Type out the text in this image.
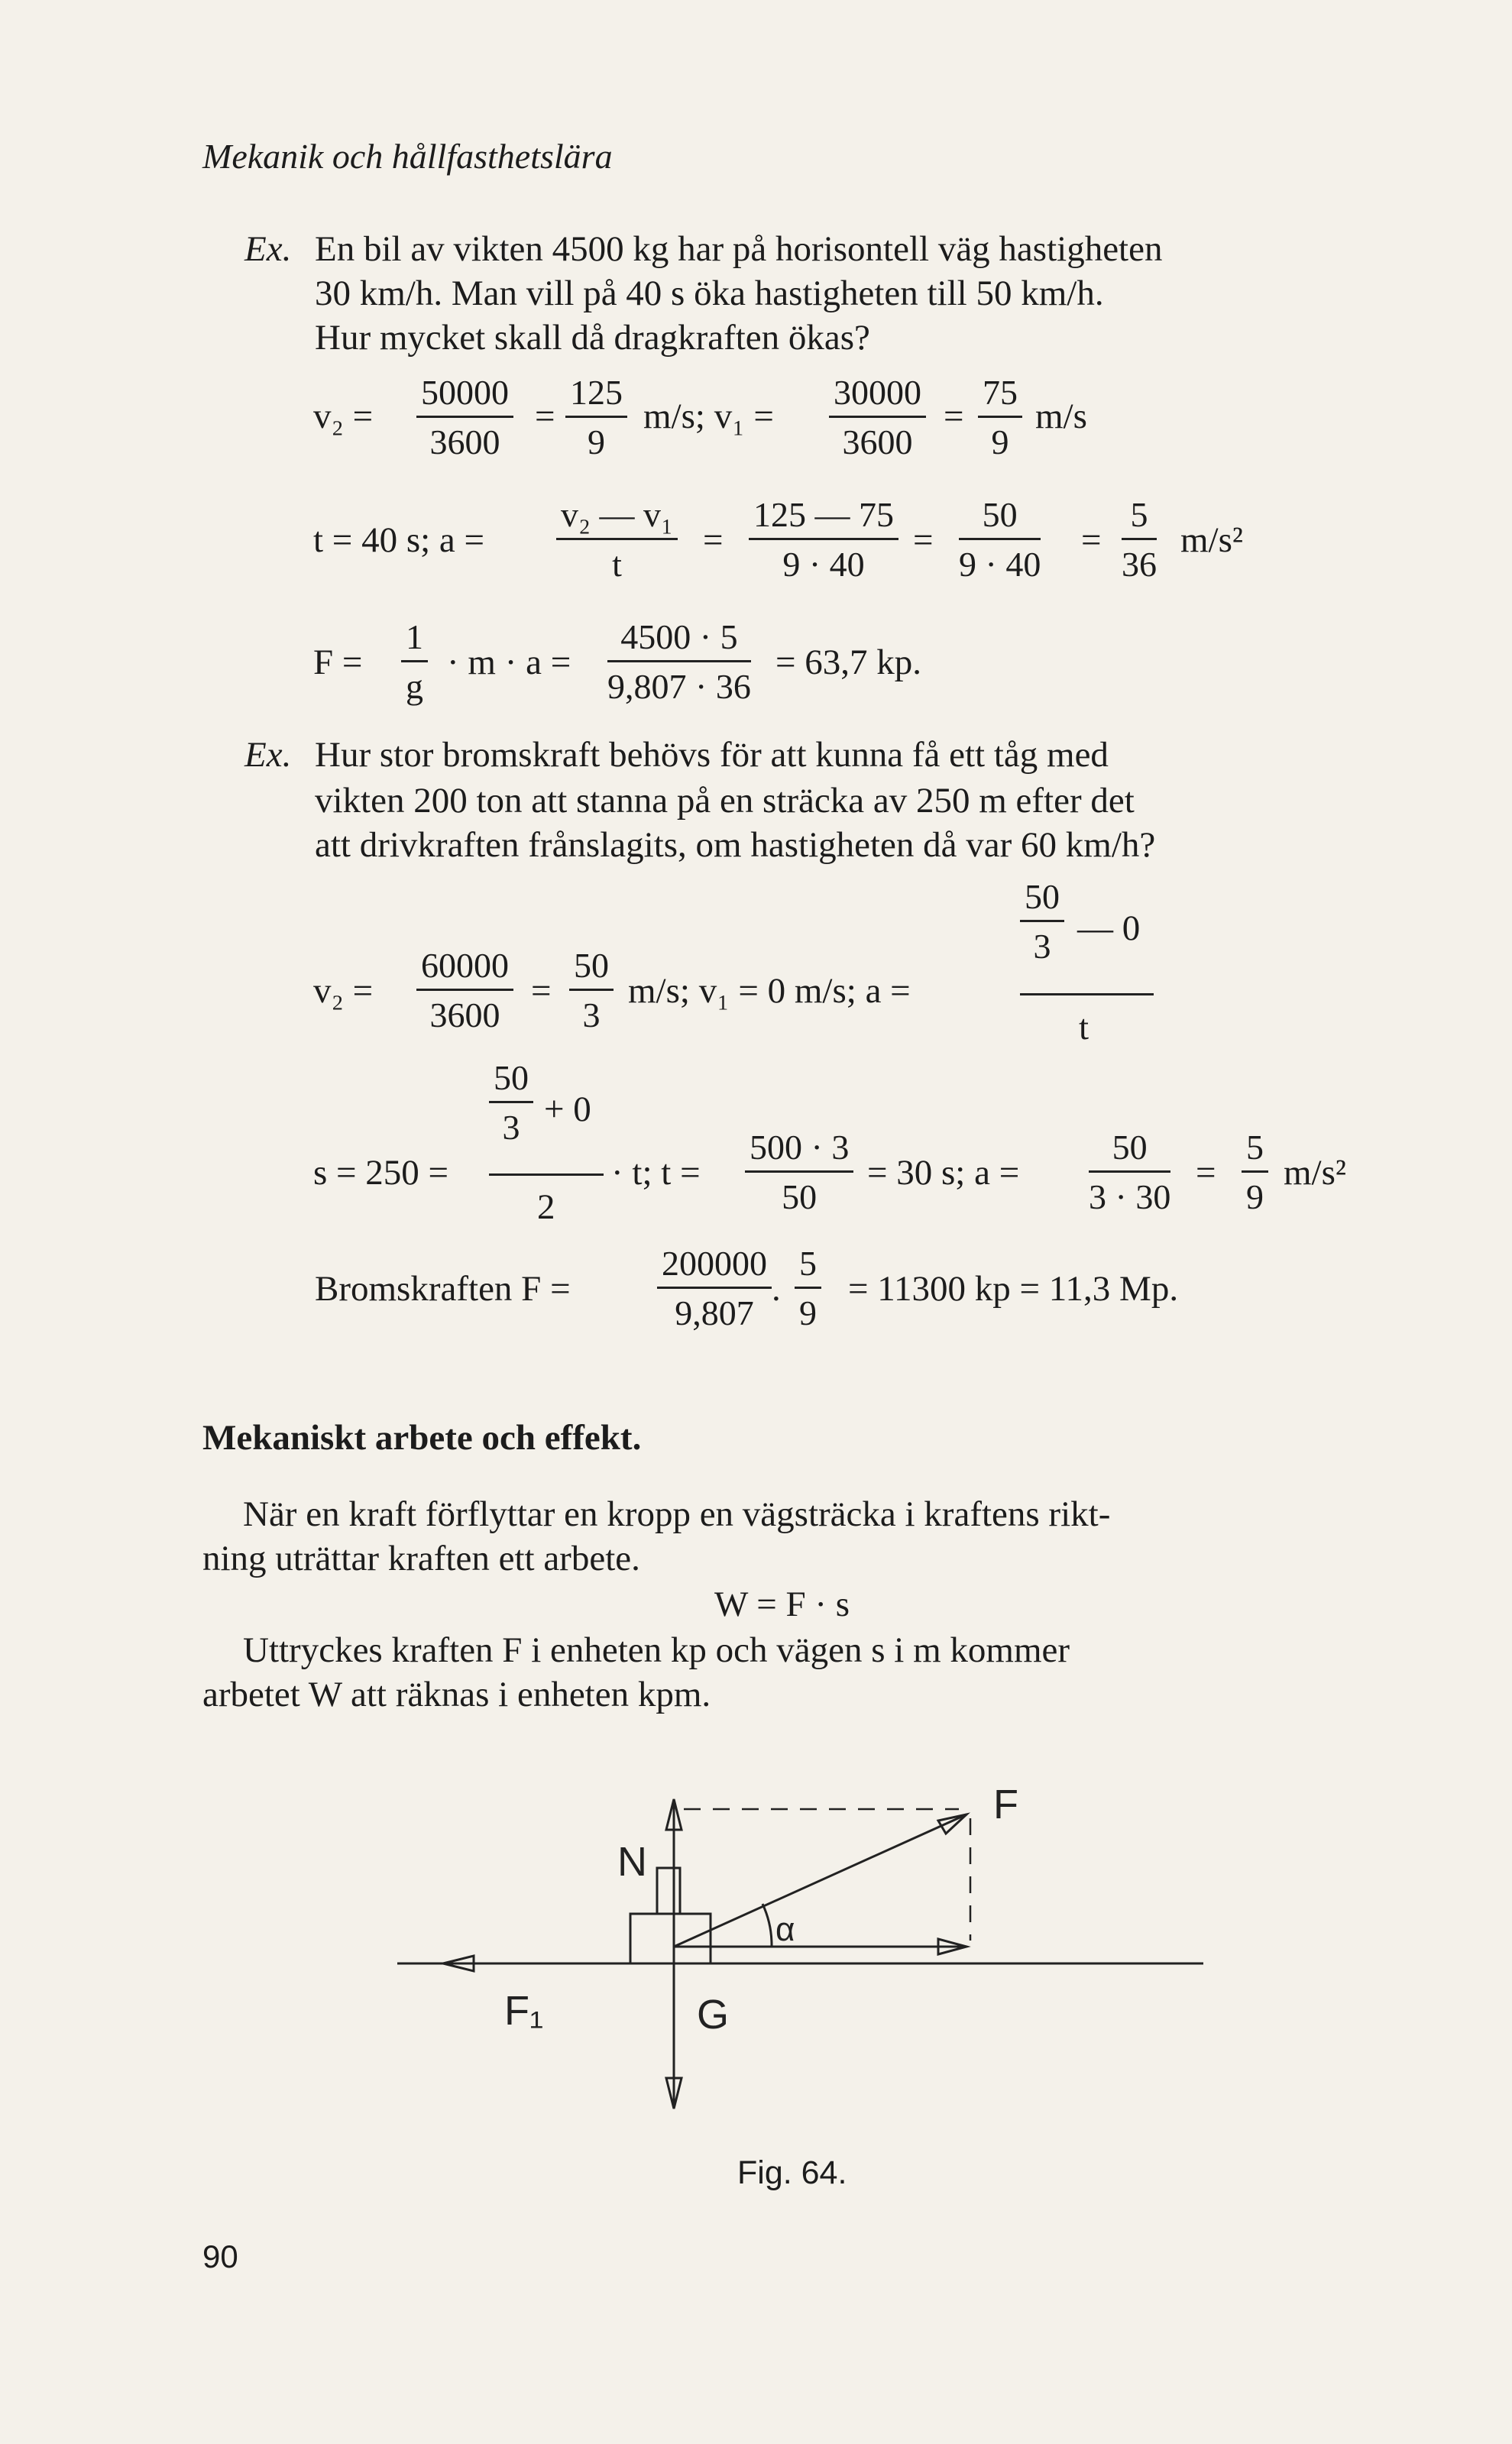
Mekanik och hållfasthetslära
Ex. En bil av vikten 4500 kg har på horisontell väg hastigheten
30 km/h. Man vill på 40 s öka hastigheten till 50 km/h.
Hur mycket skall då dragkraften ökas?
$v_2 = \frac{50000}{3600} = \frac{125}{9} m/s$; $v_1 = \frac{30000}{3600} = \frac{75}{9} m/s$
t = 40 s; $a = \frac{\text{v₂ — v₁}}{t} = \frac{125 — 75}{9 \cdot 40} = \frac{50}{9 \cdot 40} = \frac{5}{36} m/s^2$
$F = \frac{1}{g} \cdot m \cdot a = \frac{4500 \cdot 5}{9,807 \cdot 36} = 63,7$ kp.
Ex. Hur stor bromskraft behövs för att kunna få ett tåg med
vikten 200 ton att stanna på en sträcka av 250 m efter det
att drivkraften frånslagits, om hastigheten då var 60 km/h?
$v_2 = \frac{60000}{3600} = \frac{50}{3} m/s$; v₁ = 0 m/s; a =
$\frac{50}{3}$ — 0
t
s = 250 =
$\frac{50}{3} + 0$
2
· t; $t = \frac{500 \cdot 3}{50} = 30$ s; $a = \frac{50}{3 \cdot 30} = \frac{5}{9} m/s^2$
Bromskraften $F = \frac{200000}{9,807}$ . $\frac{5}{9} = 11300$ kp = 11,3 Mp.
Mekaniskt arbete och effekt.
När en kraft förflyttar en kropp en vägsträcka i kraftens rikt-
ning uträttar kraften ett arbete.
W = F · s
Uttryckes kraften F i enheten kp och vägen s i m kommer
arbetet W att räknas i enheten kpm.
F
N
F₁	G
α
Fig. 64.
90
